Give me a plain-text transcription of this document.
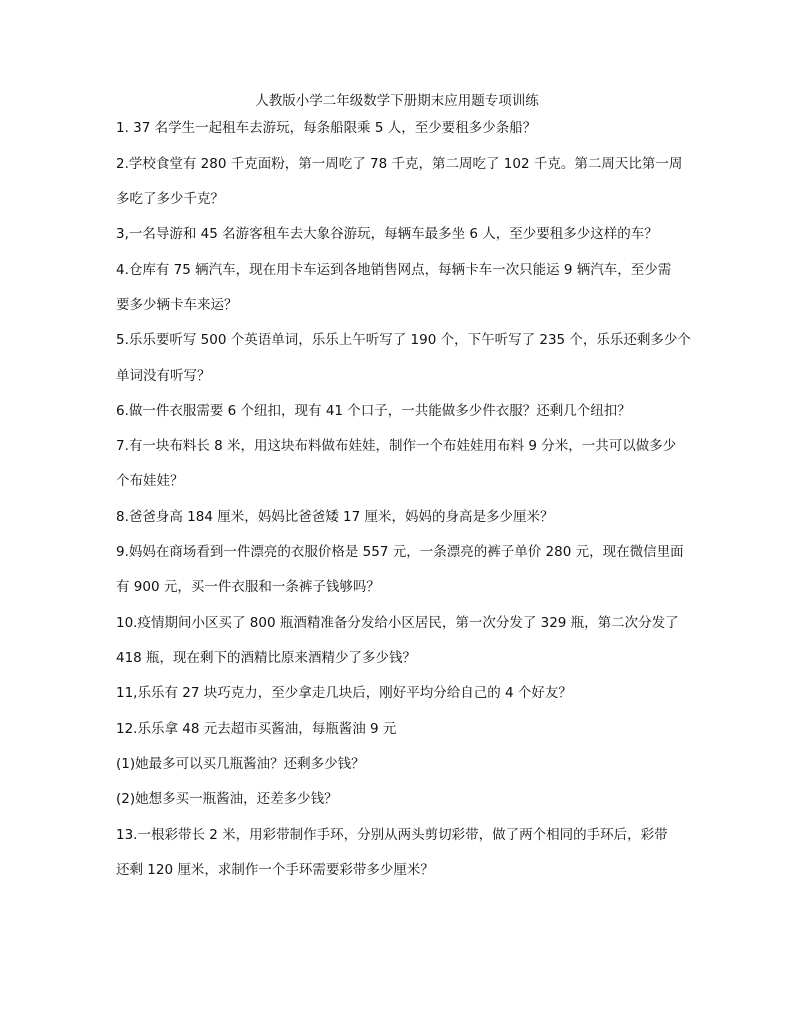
人教版小学二年级数学下册期末应用题专项训练
1. 37 名学生一起租车去游玩，每条船限乘 5 人，至少要租多少条船？
2.学校食堂有 280 千克面粉，第一周吃了 78 千克，第二周吃了 102 千克。第二周天比第一周
多吃了多少千克？
3,一名导游和 45 名游客租车去大象谷游玩，每辆车最多坐 6 人，至少要租多少这样的车？
4.仓库有 75 辆汽车，现在用卡车运到各地销售网点，每辆卡车一次只能运 9 辆汽车，至少需
要多少辆卡车来运？
5.乐乐要听写 500 个英语单词，乐乐上午听写了 190 个，下午听写了 235 个，乐乐还剩多少个
单词没有听写？
6.做一件衣服需要 6 个纽扣，现有 41 个口子，一共能做多少件衣服？还剩几个纽扣？
7.有一块布料长 8 米，用这块布料做布娃娃，制作一个布娃娃用布料 9 分米，一共可以做多少
个布娃娃？
8.爸爸身高 184 厘米，妈妈比爸爸矮 17 厘米，妈妈的身高是多少厘米？
9.妈妈在商场看到一件漂亮的衣服价格是 557 元，一条漂亮的裤子单价 280 元，现在微信里面
有 900 元，买一件衣服和一条裤子钱够吗？
10.疫情期间小区买了 800 瓶酒精准备分发给小区居民，第一次分发了 329 瓶，第二次分发了
418 瓶，现在剩下的酒精比原来酒精少了多少钱？
11,乐乐有 27 块巧克力，至少拿走几块后，刚好平均分给自己的 4 个好友？
12.乐乐拿 48 元去超市买酱油，每瓶酱油 9 元
(1)她最多可以买几瓶酱油？还剩多少钱？
(2)她想多买一瓶酱油，还差多少钱？
13.一根彩带长 2 米，用彩带制作手环，分别从两头剪切彩带，做了两个相同的手环后，彩带
还剩 120 厘米，求制作一个手环需要彩带多少厘米？
